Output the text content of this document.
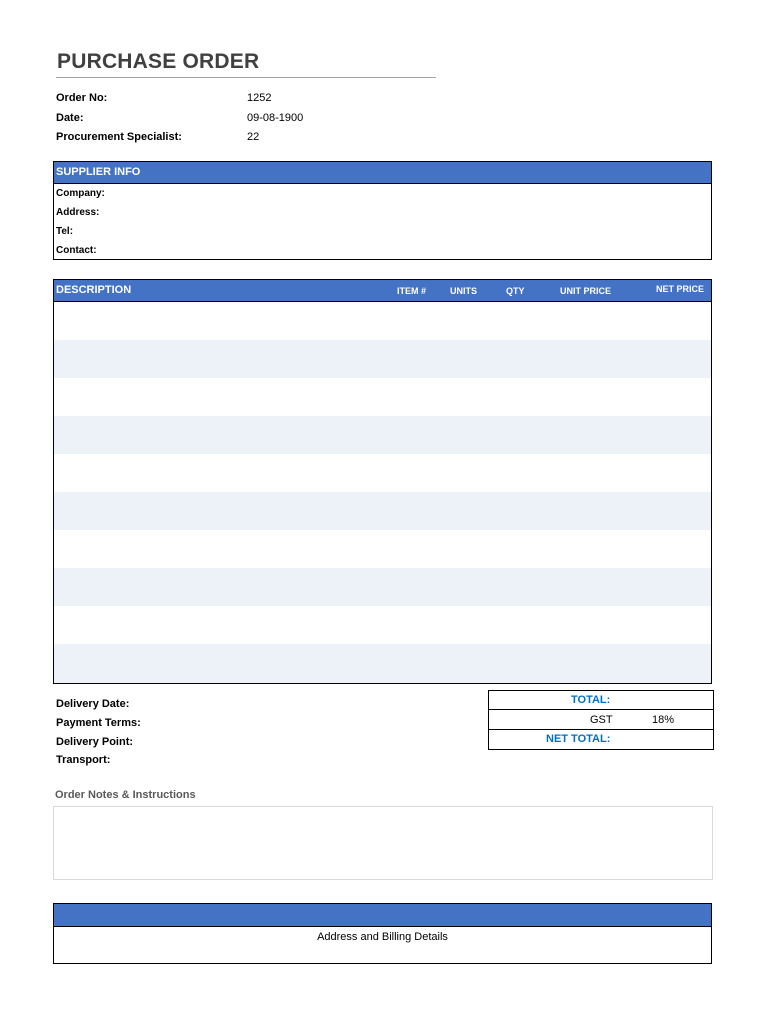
PURCHASE ORDER
Order No:	1252
Date:	09-08-1900
Procurement Specialist:	22
SUPPLIER INFO
Company:
Address:
Tel:
Contact:
DESCRIPTION	ITEM #	UNITS	QTY	UNIT PRICE	NET PRICE
Delivery Date:
Payment Terms:
Delivery Point:
Transport:
TOTAL:
GST	18%
NET TOTAL:
Order Notes & Instructions
Address and Billing Details
